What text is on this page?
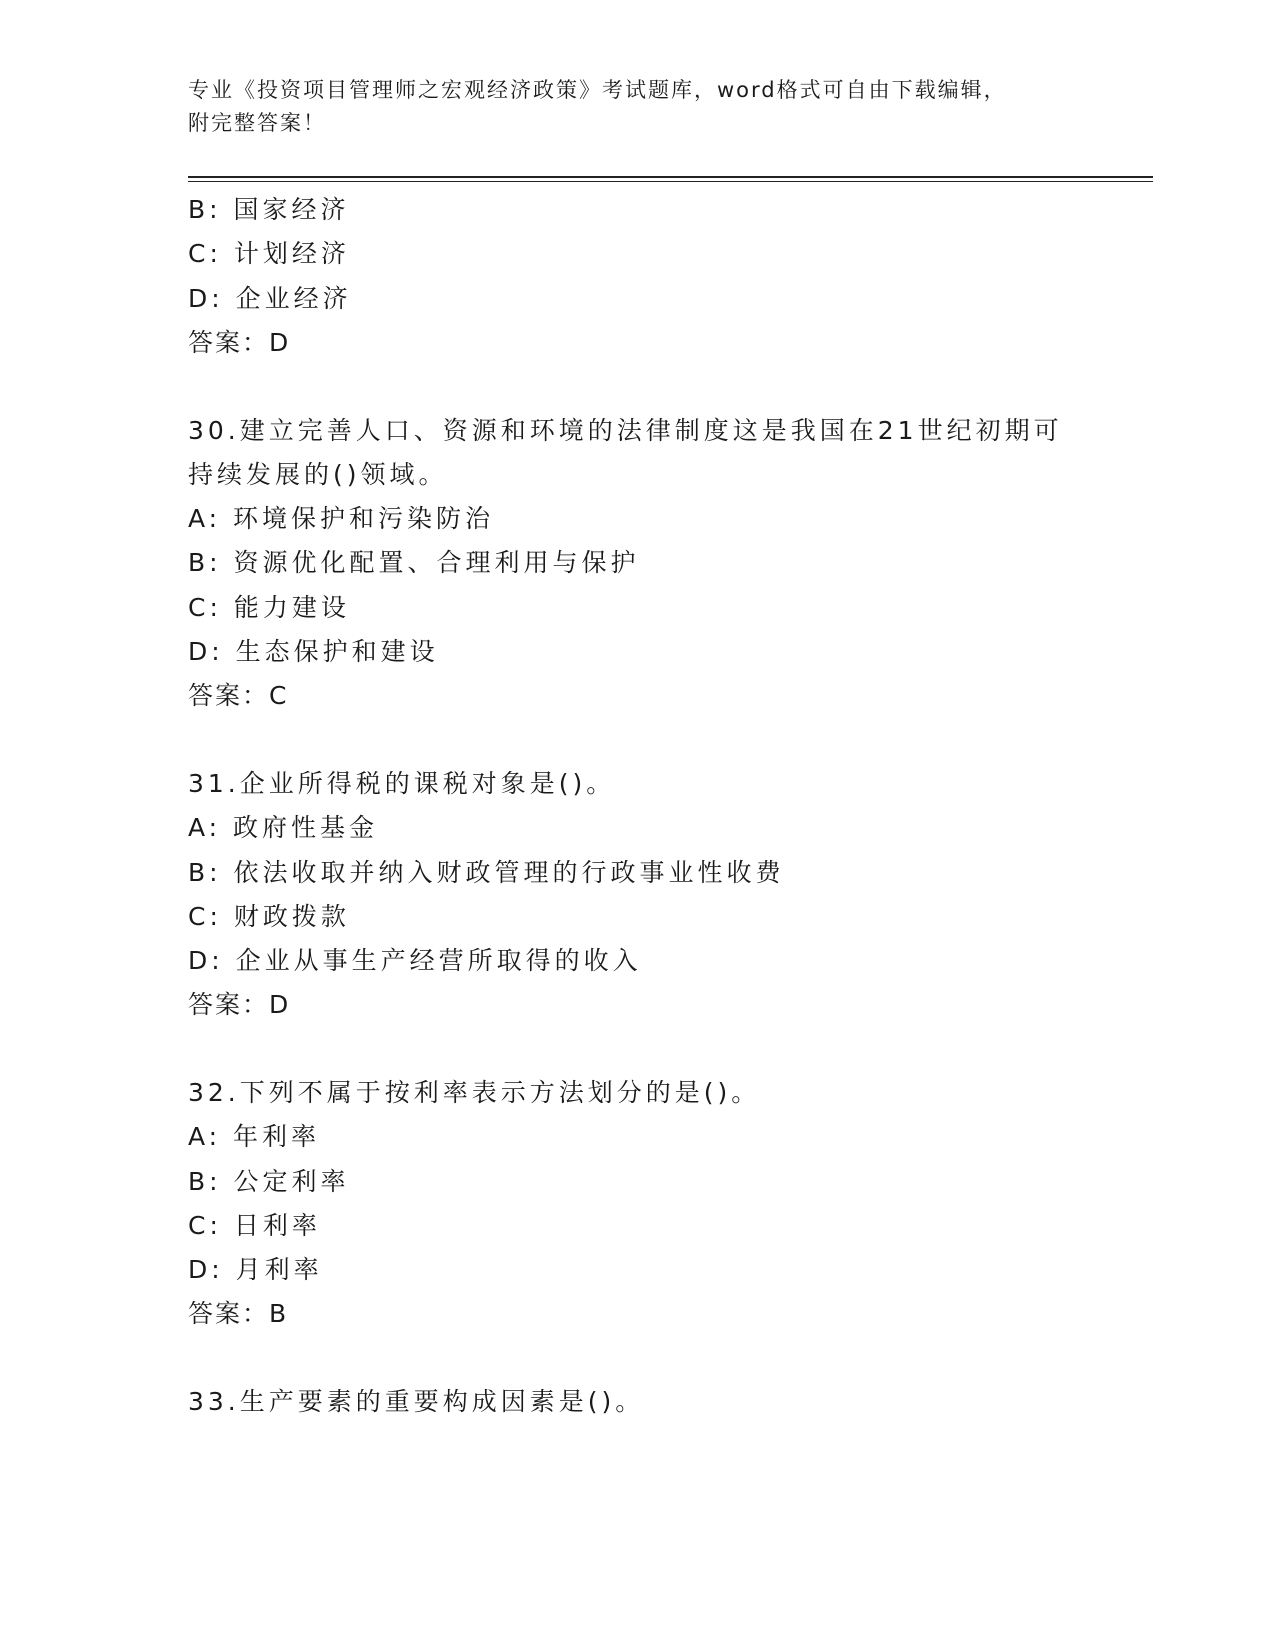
专业《投资项目管理师之宏观经济政策》考试题库，word格式可自由下载编辑，
附完整答案！
B: 国家经济
C: 计划经济
D: 企业经济
答案：D
30.建立完善人口、资源和环境的法律制度这是我国在21世纪初期可
持续发展的()领域。
A: 环境保护和污染防治
B: 资源优化配置、合理利用与保护
C: 能力建设
D: 生态保护和建设
答案：C
31.企业所得税的课税对象是()。
A: 政府性基金
B: 依法收取并纳入财政管理的行政事业性收费
C: 财政拨款
D: 企业从事生产经营所取得的收入
答案：D
32.下列不属于按利率表示方法划分的是()。
A: 年利率
B: 公定利率
C: 日利率
D: 月利率
答案：B
33.生产要素的重要构成因素是()。
